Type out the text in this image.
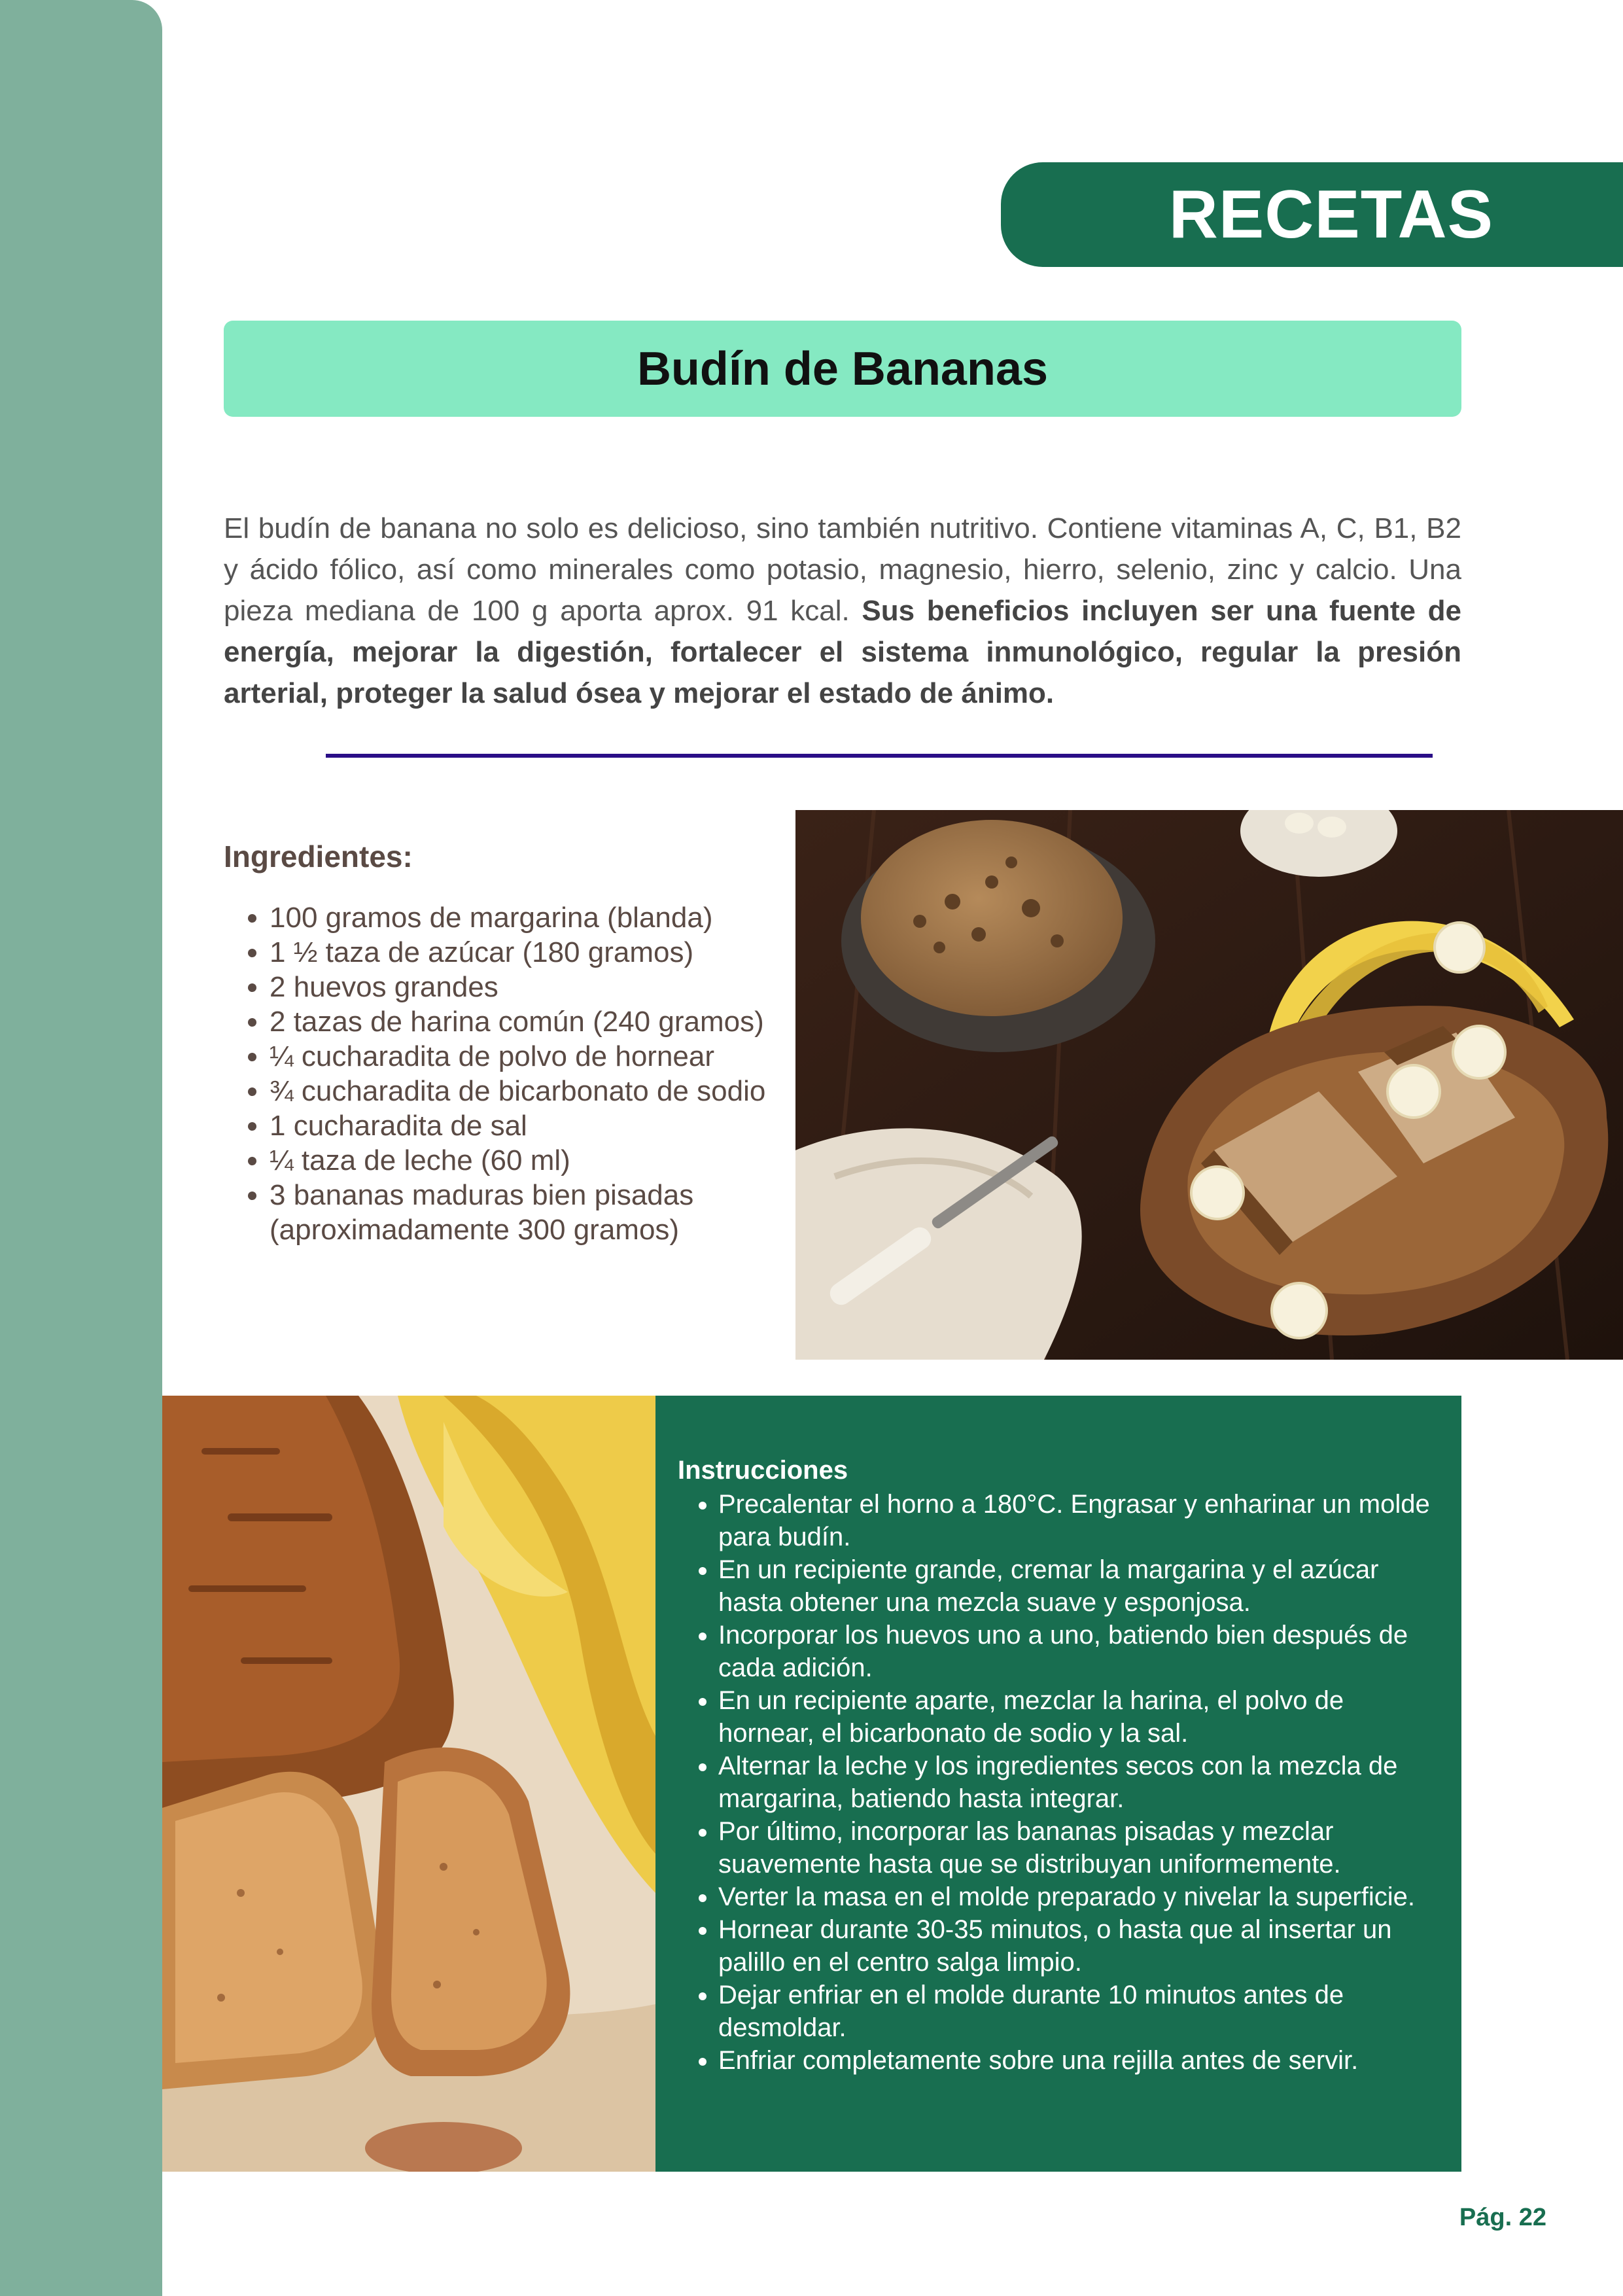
RECETAS
Budín de Bananas

El budín de banana no solo es delicioso, sino también nutritivo. Contiene vitaminas A, C, B1, B2 y ácido fólico, así como minerales como potasio, magnesio, hierro, selenio, zinc y calcio. Una pieza mediana de 100 g aporta aprox. 91 kcal. Sus beneficios incluyen ser una fuente de energía, mejorar la digestión, fortalecer el sistema inmunológico, regular la presión arterial, proteger la salud ósea y mejorar el estado de ánimo.

Ingredientes:
• 100 gramos de margarina (blanda)
• 1 ½ taza de azúcar (180 gramos)
• 2 huevos grandes
• 2 tazas de harina común (240 gramos)
• ¼ cucharadita de polvo de hornear
• ¾ cucharadita de bicarbonato de sodio
• 1 cucharadita de sal
• ¼ taza de leche (60 ml)
• 3 bananas maduras bien pisadas (aproximadamente 300 gramos)
Instrucciones
• Precalentar el horno a 180°C. Engrasar y enharinar un molde para budín.
• En un recipiente grande, cremar la margarina y el azúcar hasta obtener una mezcla suave y esponjosa.
• Incorporar los huevos uno a uno, batiendo bien después de cada adición.
• En un recipiente aparte, mezclar la harina, el polvo de hornear, el bicarbonato de sodio y la sal.
• Alternar la leche y los ingredientes secos con la mezcla de margarina, batiendo hasta integrar.
• Por último, incorporar las bananas pisadas y mezclar suavemente hasta que se distribuyan uniformemente.
• Verter la masa en el molde preparado y nivelar la superficie.
• Hornear durante 30-35 minutos, o hasta que al insertar un palillo en el centro salga limpio.
• Dejar enfriar en el molde durante 10 minutos antes de desmoldar.
• Enfriar completamente sobre una rejilla antes de servir.
Pág. 22
